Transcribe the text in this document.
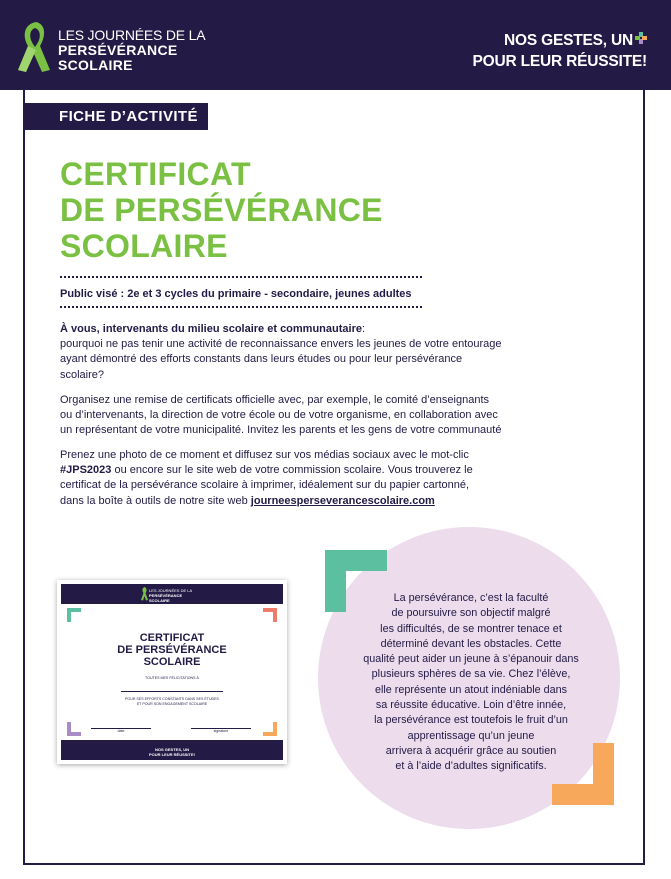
LES JOURNÉES DE LA
PERSÉVÉRANCE
SCOLAIRE
NOS GESTES, UN
POUR LEUR RÉUSSITE!
FICHE D’ACTIVITÉ
CERTIFICAT
DE PERSÉVÉRANCE
SCOLAIRE
Public visé : 2e et 3 cycles du primaire - secondaire, jeunes adultes
À vous, intervenants du milieu scolaire et communautaire:
pourquoi ne pas tenir une activité de reconnaissance envers les jeunes de votre entourage
ayant démontré des efforts constants dans leurs études ou pour leur persévérance
scolaire?
Organisez une remise de certificats officielle avec, par exemple, le comité d’enseignants
ou d’intervenants, la direction de votre école ou de votre organisme, en collaboration avec
un représentant de votre municipalité. Invitez les parents et les gens de votre communauté
Prenez une photo de ce moment et diffusez sur vos médias sociaux avec le mot-clic
#JPS2023 ou encore sur le site web de votre commission scolaire. Vous trouverez le
certificat de la persévérance scolaire à imprimer, idéalement sur du papier cartonné,
dans la boîte à outils de notre site web journeesperseverancescolaire.com
LES JOURNÉES DE LA
PERSÉVÉRANCE
SCOLAIRE
CERTIFICAT
DE PERSÉVÉRANCE
SCOLAIRE
TOUTES MES FÉLICITATIONS À
POUR SES EFFORTS CONSTANTS DANS SES ÉTUDES
ET POUR SON ENGAGEMENT SCOLAIRE
date	signature
NOS GESTES, UN
POUR LEUR RÉUSSITE!
La persévérance, c’est la faculté
de poursuivre son objectif malgré
les difficultés, de se montrer tenace et
déterminé devant les obstacles. Cette
qualité peut aider un jeune à s’épanouir dans
plusieurs sphères de sa vie. Chez l’élève,
elle représente un atout indéniable dans
sa réussite éducative. Loin d’être innée,
la persévérance est toutefois le fruit d’un
apprentissage qu’un jeune
arrivera à acquérir grâce au soutien
et à l’aide d’adultes significatifs.
